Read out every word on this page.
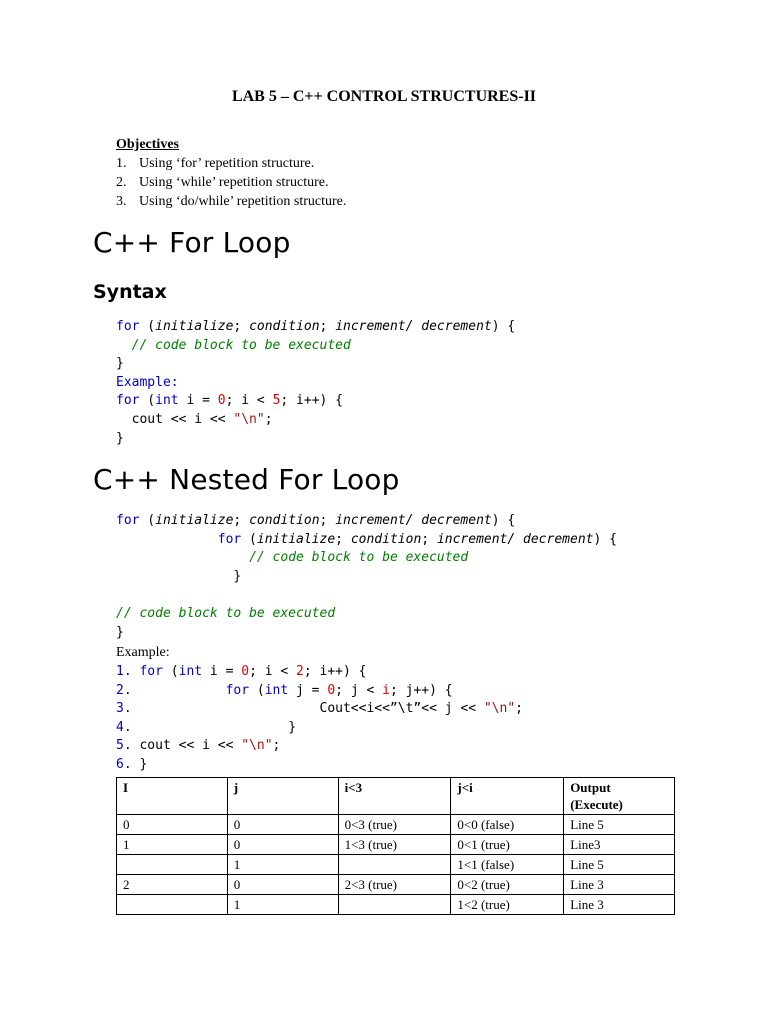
LAB 5 – C++ CONTROL STRUCTURES-II
Objectives
1. Using ‘for’ repetition structure.
2. Using ‘while’ repetition structure.
3. Using ‘do/while’ repetition structure.
C++ For Loop
Syntax
for (initialize; condition; increment/ decrement) {
// code block to be executed
}
Example:
for (int i = 0; i < 5; i++) {
cout << i << "\n";
}
C++ Nested For Loop
for (initialize; condition; increment/ decrement) {
for (initialize; condition; increment/ decrement) {
// code block to be executed
}

// code block to be executed
}
Example:
1. for (int i = 0; i < 2; i++) {
2.	for (int j = 0; j < i; j++) {
3.                        Cout<<i<<”\t”<< j << "\n";
4.	}
5. cout << i << "\n";
6. }
I	j	i<3	j<i	Output
(Execute)
0	0	0<3 (true)	0<0 (false)	Line 5
1	0	1<3 (true)	0<1 (true)	Line3
	1		1<1 (false)	Line 5
2	0	2<3 (true)	0<2 (true)	Line 3
	1		1<2 (true)	Line 3
